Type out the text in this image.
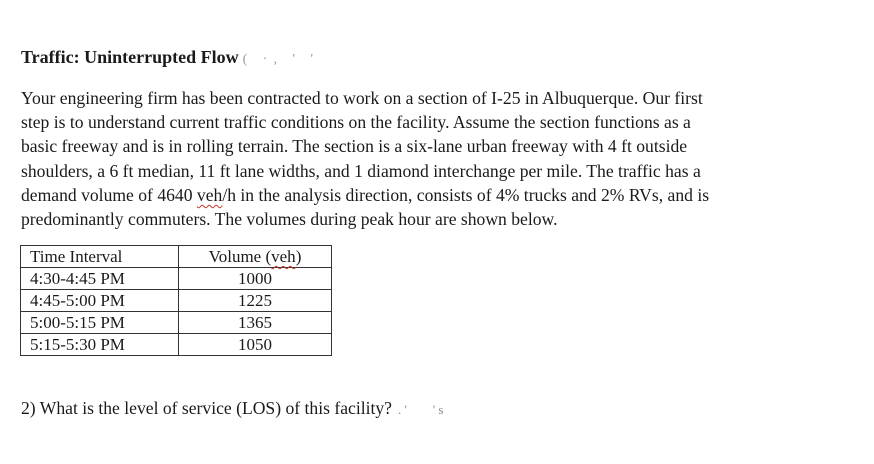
Traffic: Uninterrupted Flow ( ·, ' '
Your engineering firm has been contracted to work on a section of I-25 in Albuquerque. Our first
step is to understand current traffic conditions on the facility. Assume the section functions as a
basic freeway and is in rolling terrain. The section is a six-lane urban freeway with 4 ft outside
shoulders, a 6 ft median, 11 ft lane widths, and 1 diamond interchange per mile. The traffic has a
demand volume of 4640 veh/h in the analysis direction, consists of 4% trucks and 2% RVs, and is
predominantly commuters. The volumes during peak hour are shown below.
Time Interval	Volume (veh)
4:30-4:45 PM	1000
4:45-5:00 PM	1225
5:00-5:15 PM	1365
5:15-5:30 PM	1050
2) What is the level of service (LOS) of this facility? . ' ' s
